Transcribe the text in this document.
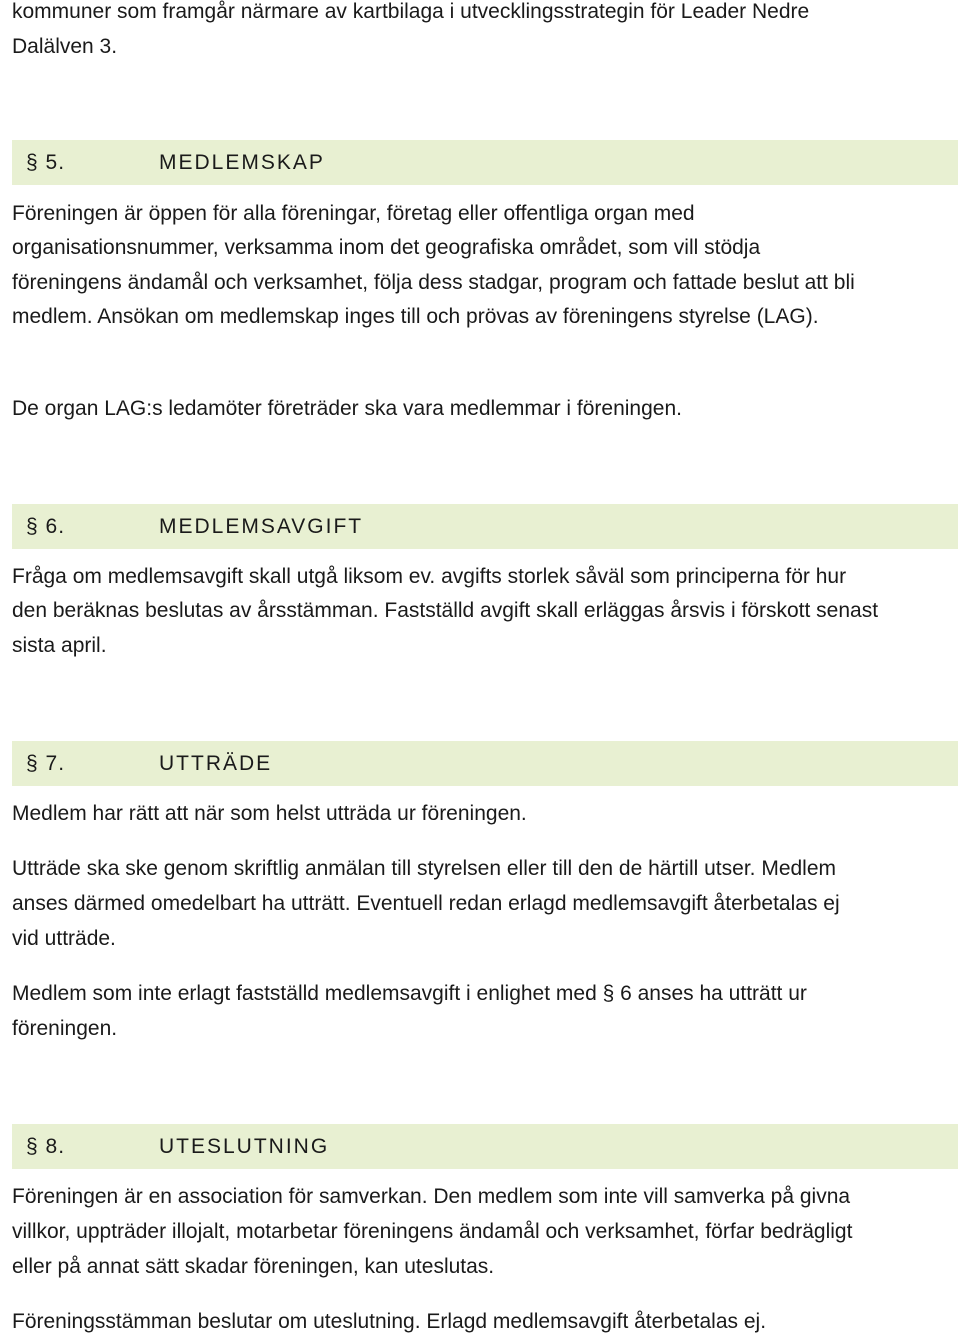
kommuner som framgår närmare av kartbilaga i utvecklingsstrategin för Leader Nedre

Dalälven 3.

§ 5.	MEDLEMSKAP

Föreningen är öppen för alla föreningar, företag eller offentliga organ med

organisationsnummer, verksamma inom det geografiska området, som vill stödja

föreningens ändamål och verksamhet, följa dess stadgar, program och fattade beslut att bli

medlem. Ansökan om medlemskap inges till och prövas av föreningens styrelse (LAG).

De organ LAG:s ledamöter företräder ska vara medlemmar i föreningen.

§ 6.	MEDLEMSAVGIFT

Fråga om medlemsavgift skall utgå liksom ev. avgifts storlek såväl som principerna för hur

den beräknas beslutas av årsstämman. Fastställd avgift skall erläggas årsvis i förskott senast

sista april.

§ 7.	UTTRÄDE

Medlem har rätt att när som helst utträda ur föreningen.

Utträde ska ske genom skriftlig anmälan till styrelsen eller till den de härtill utser. Medlem

anses därmed omedelbart ha utträtt. Eventuell redan erlagd medlemsavgift återbetalas ej

vid utträde.

Medlem som inte erlagt fastställd medlemsavgift i enlighet med § 6 anses ha utträtt ur

föreningen.

§ 8.	UTESLUTNING

Föreningen är en association för samverkan. Den medlem som inte vill samverka på givna

villkor, uppträder illojalt, motarbetar föreningens ändamål och verksamhet, förfar bedrägligt

eller på annat sätt skadar föreningen, kan uteslutas.

Föreningsstämman beslutar om uteslutning. Erlagd medlemsavgift återbetalas ej.
